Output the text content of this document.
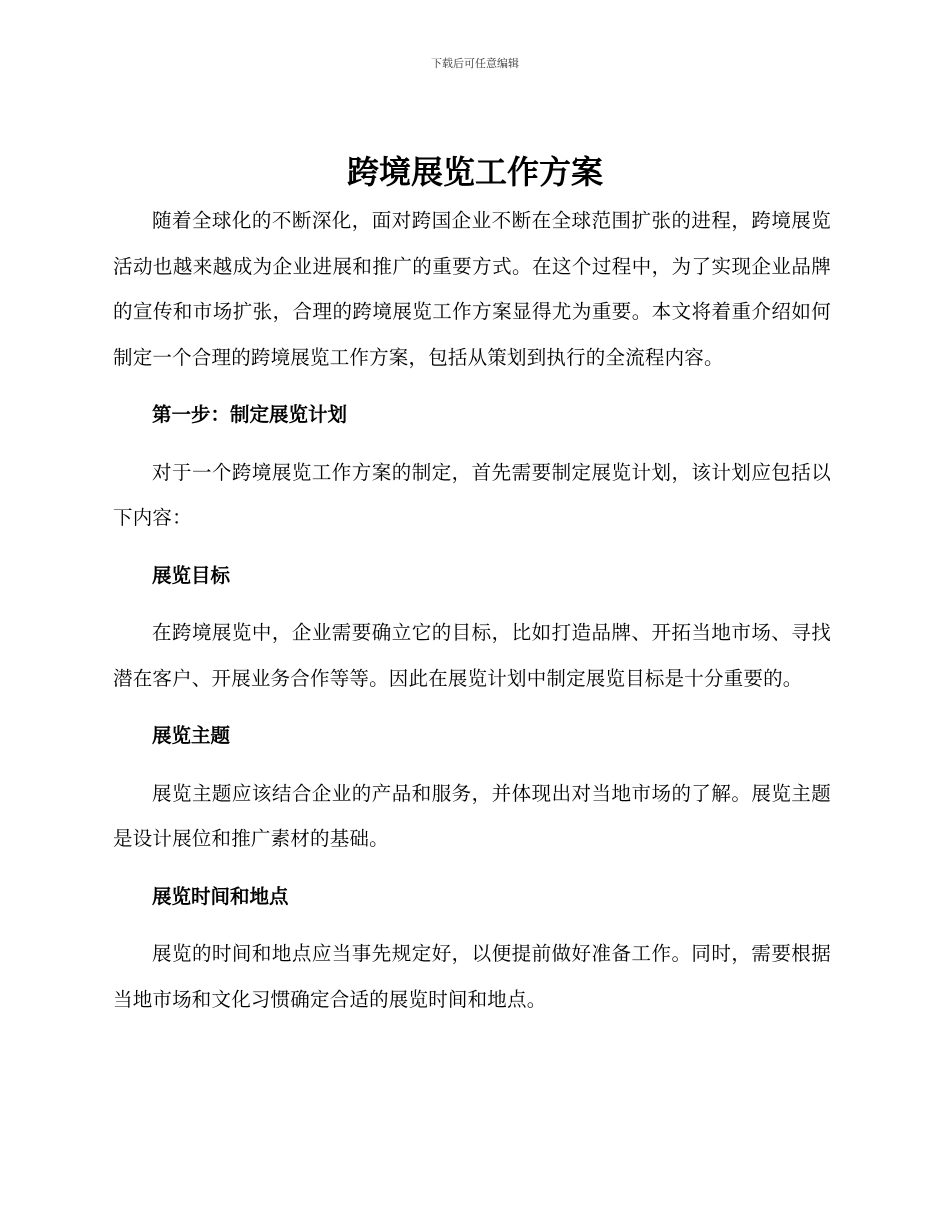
下载后可任意编辑
跨境展览工作方案

随着全球化的不断深化，面对跨国企业不断在全球范围扩张的进程，跨境展览活动也越来越成为企业进展和推广的重要方式。在这个过程中，为了实现企业品牌的宣传和市场扩张，合理的跨境展览工作方案显得尤为重要。本文将着重介绍如何制定一个合理的跨境展览工作方案，包括从策划到执行的全流程内容。

第一步：制定展览计划

对于一个跨境展览工作方案的制定，首先需要制定展览计划，该计划应包括以下内容：

展览目标

在跨境展览中，企业需要确立它的目标，比如打造品牌、开拓当地市场、寻找潜在客户、开展业务合作等等。因此在展览计划中制定展览目标是十分重要的。

展览主题

展览主题应该结合企业的产品和服务，并体现出对当地市场的了解。展览主题是设计展位和推广素材的基础。

展览时间和地点

展览的时间和地点应当事先规定好，以便提前做好准备工作。同时，需要根据当地市场和文化习惯确定合适的展览时间和地点。
